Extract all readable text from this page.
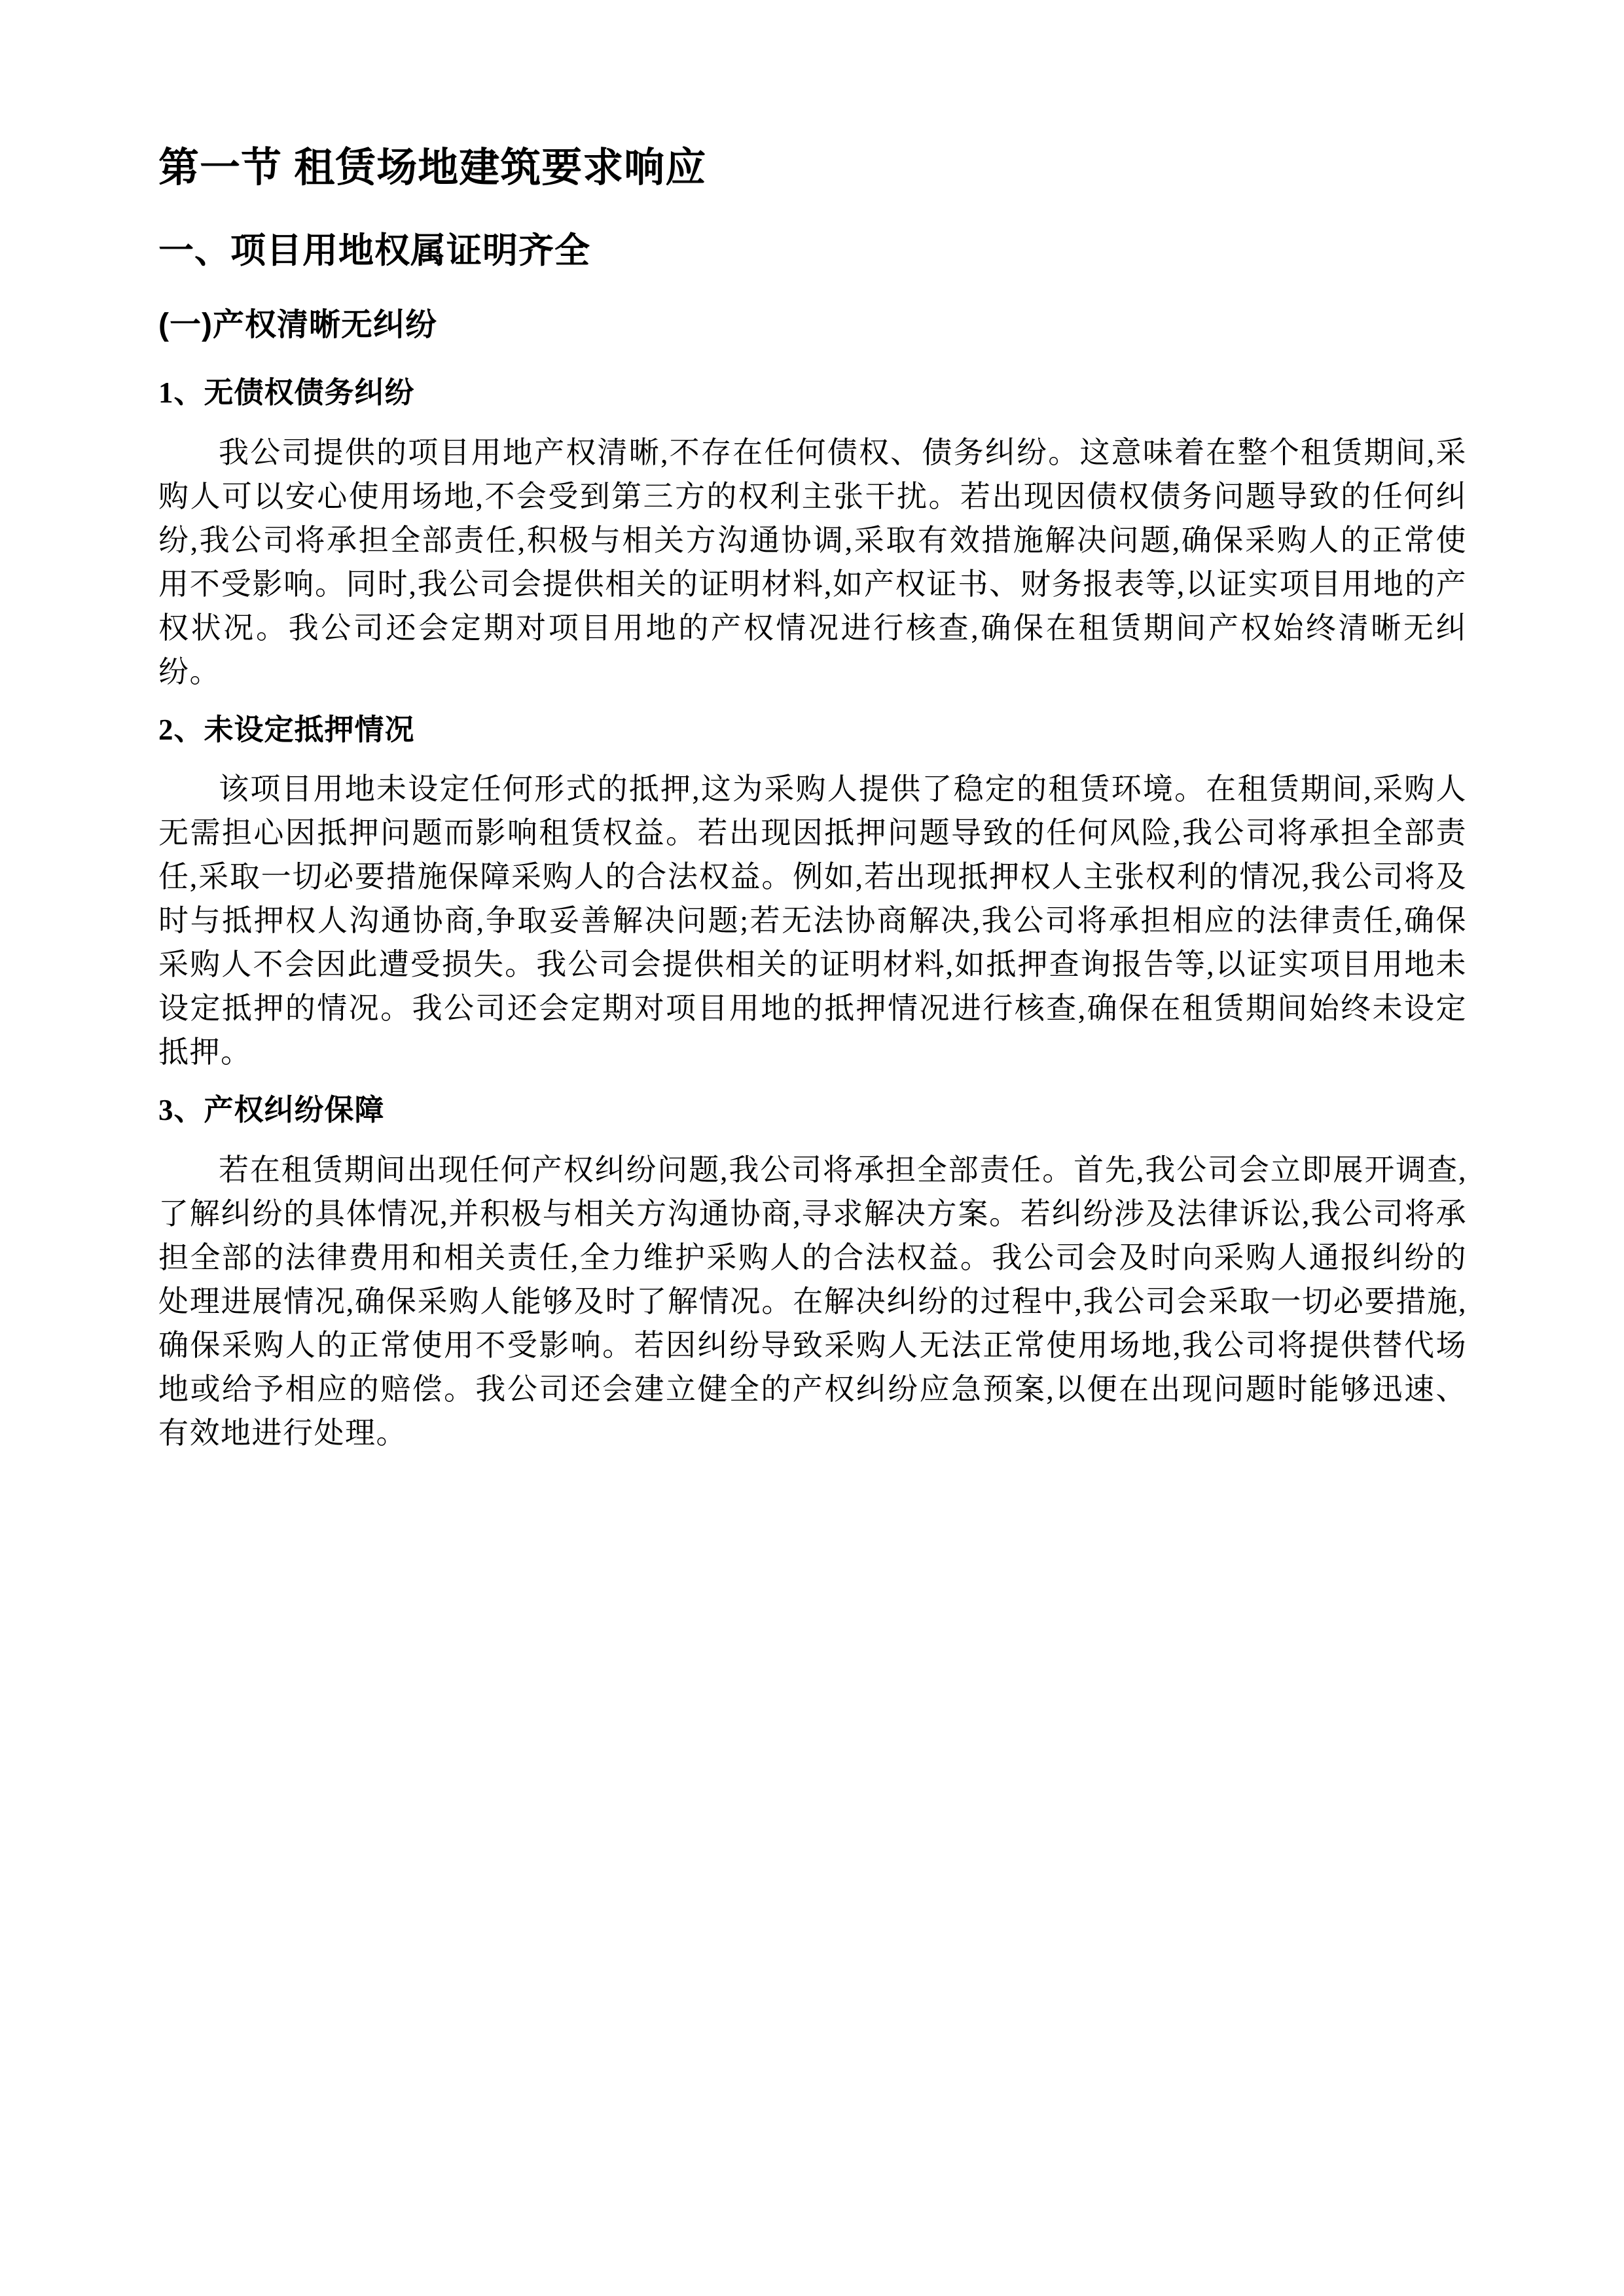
第一节 租赁场地建筑要求响应
一、项目用地权属证明齐全
(一)产权清晰无纠纷
1、无债权债务纠纷

我公司提供的项目用地产权清晰,不存在任何债权、债务纠纷。这意味着在整个租赁期间,采购人可以安心使用场地,不会受到第三方的权利主张干扰。若出现因债权债务问题导致的任何纠纷,我公司将承担全部责任,积极与相关方沟通协调,采取有效措施解决问题,确保采购人的正常使用不受影响。同时,我公司会提供相关的证明材料,如产权证书、财务报表等,以证实项目用地的产权状况。我公司还会定期对项目用地的产权情况进行核查,确保在租赁期间产权始终清晰无纠纷。

2、未设定抵押情况

该项目用地未设定任何形式的抵押,这为采购人提供了稳定的租赁环境。在租赁期间,采购人无需担心因抵押问题而影响租赁权益。若出现因抵押问题导致的任何风险,我公司将承担全部责任,采取一切必要措施保障采购人的合法权益。例如,若出现抵押权人主张权利的情况,我公司将及时与抵押权人沟通协商,争取妥善解决问题;若无法协商解决,我公司将承担相应的法律责任,确保采购人不会因此遭受损失。我公司会提供相关的证明材料,如抵押查询报告等,以证实项目用地未设定抵押的情况。我公司还会定期对项目用地的抵押情况进行核查,确保在租赁期间始终未设定抵押。

3、产权纠纷保障

若在租赁期间出现任何产权纠纷问题,我公司将承担全部责任。首先,我公司会立即展开调查,了解纠纷的具体情况,并积极与相关方沟通协商,寻求解决方案。若纠纷涉及法律诉讼,我公司将承担全部的法律费用和相关责任,全力维护采购人的合法权益。我公司会及时向采购人通报纠纷的处理进展情况,确保采购人能够及时了解情况。在解决纠纷的过程中,我公司会采取一切必要措施,确保采购人的正常使用不受影响。若因纠纷导致采购人无法正常使用场地,我公司将提供替代场地或给予相应的赔偿。我公司还会建立健全的产权纠纷应急预案,以便在出现问题时能够迅速、有效地进行处理。
